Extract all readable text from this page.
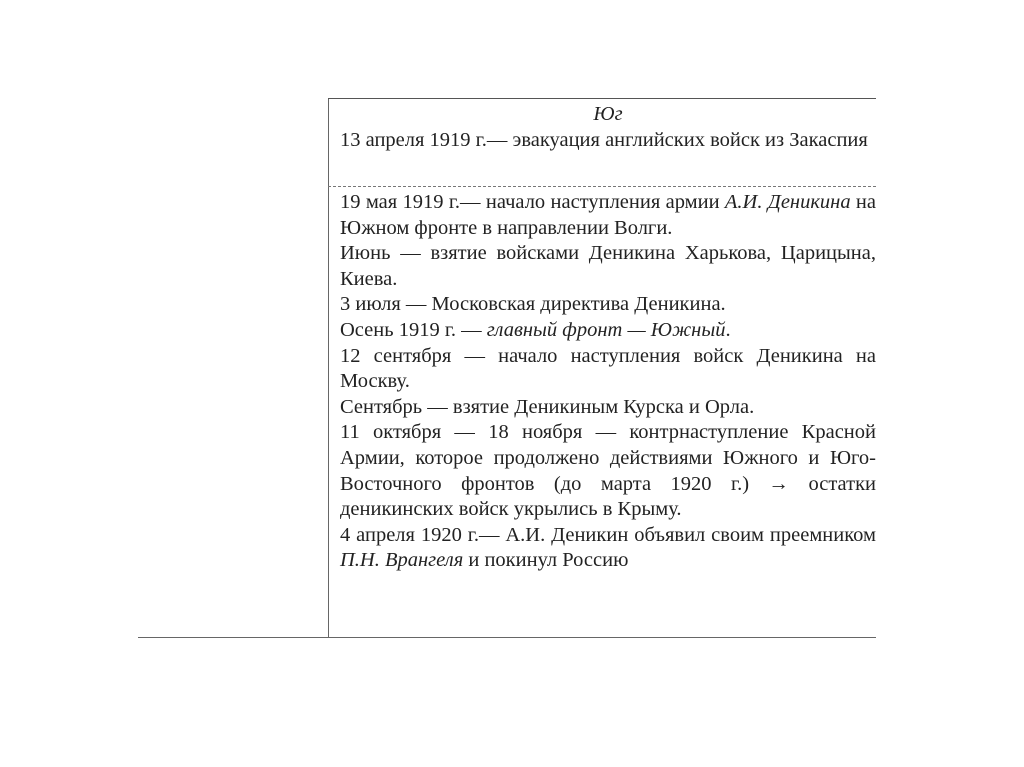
Юг
13 апреля 1919 г.— эвакуация английских войск из Закаспия
19 мая 1919 г.— начало наступления армии А.И. Деникина на Южном фронте в направлении Волги.
Июнь — взятие войсками Деникина Харькова, Царицына, Киева.
3 июля — Московская директива Деникина.
Осень 1919 г. — главный фронт — Южный.
12 сентября — начало наступления войск Деникина на Москву.
Сентябрь — взятие Деникиным Курска и Орла.
11 октября — 18 ноября — контрнаступление Красной Армии, которое продолжено действиями Южного и Юго-Восточного фронтов (до марта 1920 г.) → остатки деникинских войск укрылись в Крыму.
4 апреля 1920 г.— А.И. Деникин объявил своим преемником П.Н. Врангеля и покинул Россию
